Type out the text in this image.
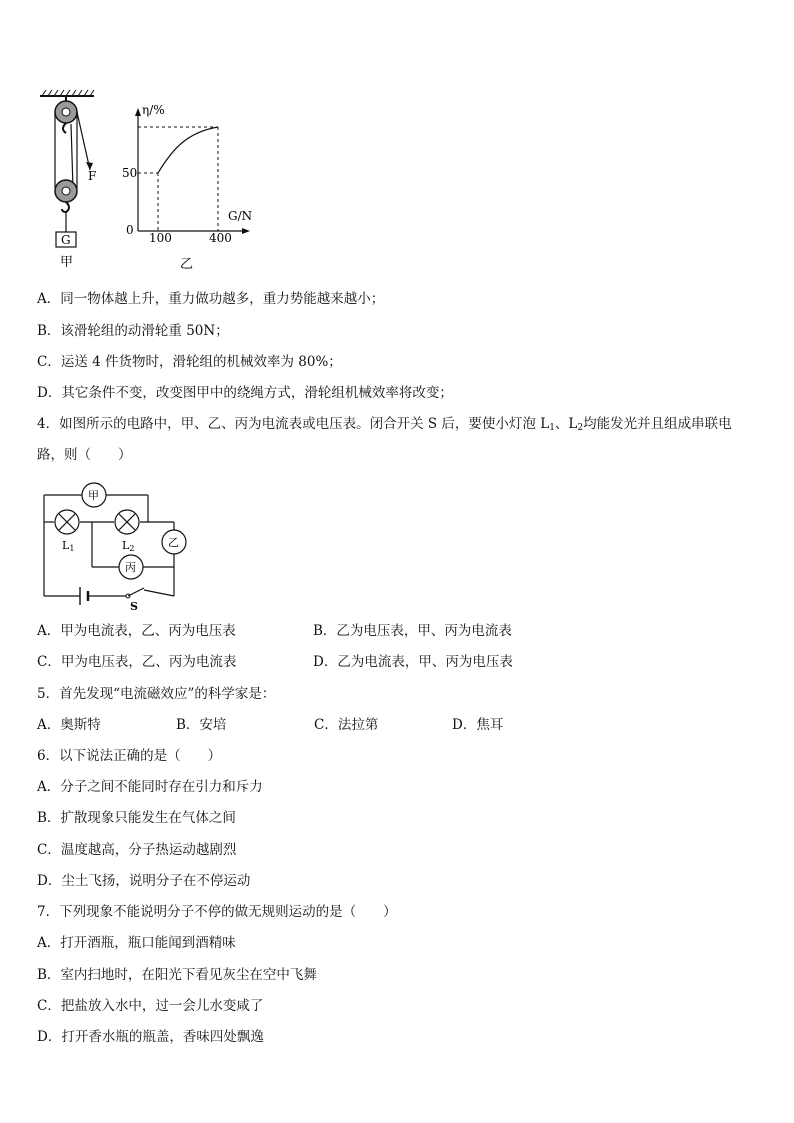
F
G
甲
η/%
G/N
50
0
100	400
乙
A．同一物体越上升，重力做功越多，重力势能越来越小；
B．该滑轮组的动滑轮重 50N；
C．运送 4 件货物时，滑轮组的机械效率为 80%；
D．其它条件不变，改变图甲中的绕绳方式，滑轮组机械效率将改变；
4．如图所示的电路中，甲、乙、丙为电流表或电压表。闭合开关 S 后，要使小灯泡 $L_1$、$L_2$均能发光并且组成串联电
路，则（　　）
S
L1	L2
甲
乙
丙
A．甲为电流表，乙、丙为电压表	B．乙为电压表，甲、丙为电流表
C．甲为电压表，乙、丙为电流表	D．乙为电流表，甲、丙为电压表
5．首先发现“电流磁效应”的科学家是：
A．奥斯特	B．安培	C．法拉第	D．焦耳
6．以下说法正确的是（　　）
A．分子之间不能同时存在引力和斥力
B．扩散现象只能发生在气体之间
C．温度越高，分子热运动越剧烈
D．尘土飞扬，说明分子在不停运动
7．下列现象不能说明分子不停的做无规则运动的是（　　）
A．打开酒瓶，瓶口能闻到酒精味
B．室内扫地时，在阳光下看见灰尘在空中飞舞
C．把盐放入水中，过一会儿水变咸了
D．打开香水瓶的瓶盖，香味四处飘逸
